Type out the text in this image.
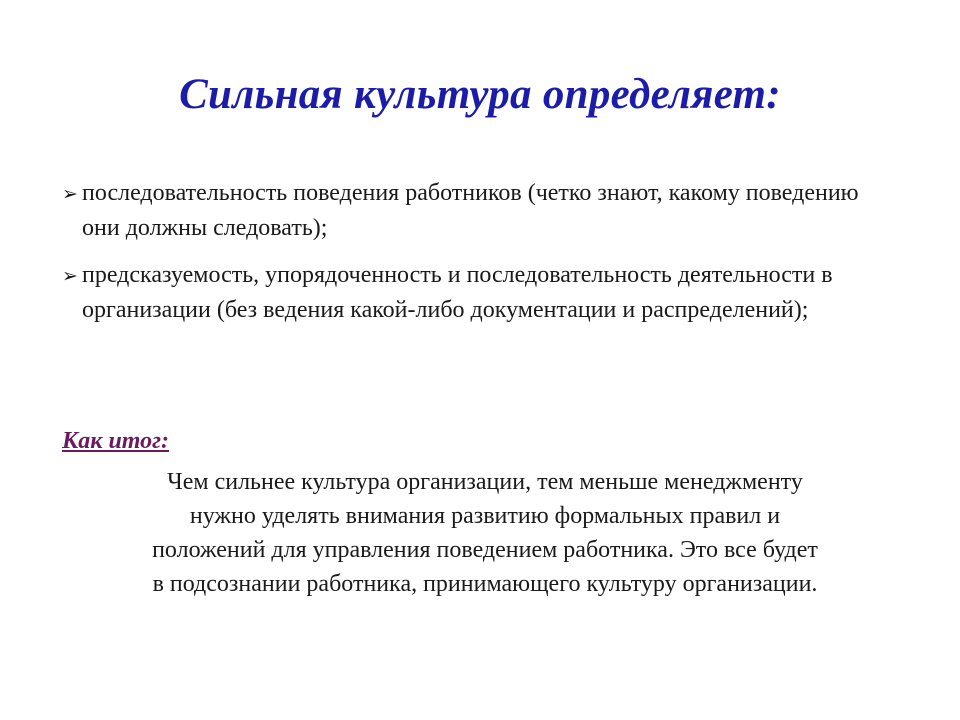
Сильная культура определяет:
➢ последовательность поведения работников (четко знают, какому поведению они должны следовать);
➢ предсказуемость, упорядоченность и последовательность деятельности в организации (без ведения какой-либо документации и распределений);
Как итог:
Чем сильнее культура организации, тем меньше менеджменту
нужно уделять внимания развитию формальных правил и
положений для управления поведением работника. Это все будет
в подсознании работника, принимающего культуру организации.
